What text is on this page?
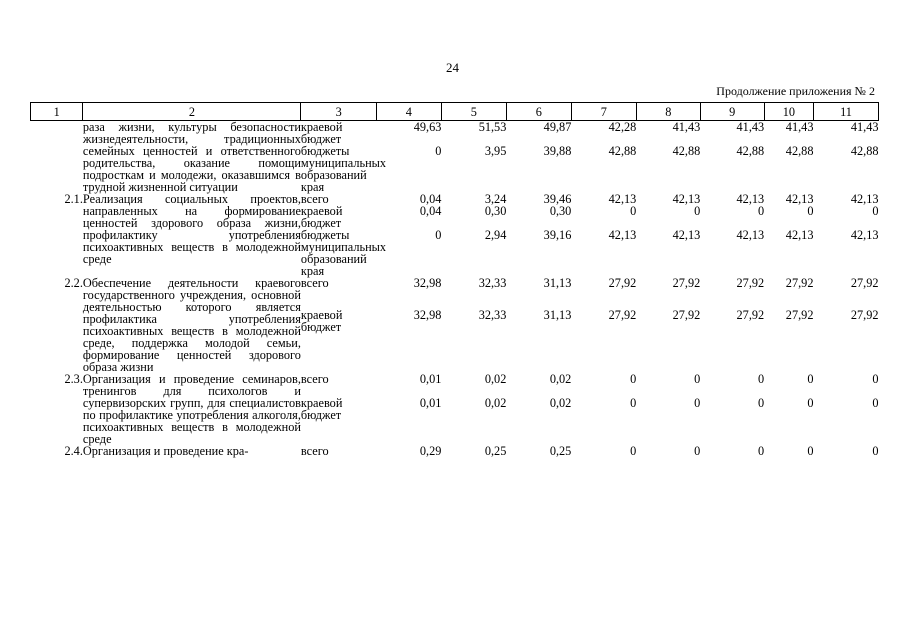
24
Продолжение приложения № 2
1	2	3	4	5	6	7	8	9	10	11
	раза жизни, культуры безопасности жизнедеятельности, традиционных семейных ценностей и ответственного родительства, оказание помощи подросткам и молодежи, оказавшимся в трудной жизненной ситуации	краевой бюджет	49,63	51,53	49,87	42,28	41,43	41,43	41,43	41,43
		бюджеты муниципальных образований края	0	3,95	39,88	42,88	42,88	42,88	42,88	42,88
2.1.	Реализация социальных проектов, направленных на формирование ценностей здорового образа жизни, профилактику употребления психоактивных веществ в молодежной среде	всего	0,04	3,24	39,46	42,13	42,13	42,13	42,13	42,13
		краевой бюджет	0,04	0,30	0,30	0	0	0	0	0
		бюджеты муниципальных образований края	0	2,94	39,16	42,13	42,13	42,13	42,13	42,13
2.2.	Обеспечение деятельности краевого государственного учреждения, основной деятельностью которого является профилактика употребления психоактивных веществ в молодежной среде, поддержка молодой семьи, формирование ценностей здорового образа жизни	всего	32,98	32,33	31,13	27,92	27,92	27,92	27,92	27,92
		краевой бюджет	32,98	32,33	31,13	27,92	27,92	27,92	27,92	27,92
2.3.	Организация и проведение семинаров, тренингов для психологов и супервизорских групп, для специалистов по профилактике употребления алкоголя, психоактивных веществ в молодежной среде	всего	0,01	0,02	0,02	0	0	0	0	0
		краевой бюджет	0,01	0,02	0,02	0	0	0	0	0
2.4.	Организация и проведение кра-	всего	0,29	0,25	0,25	0	0	0	0	0
